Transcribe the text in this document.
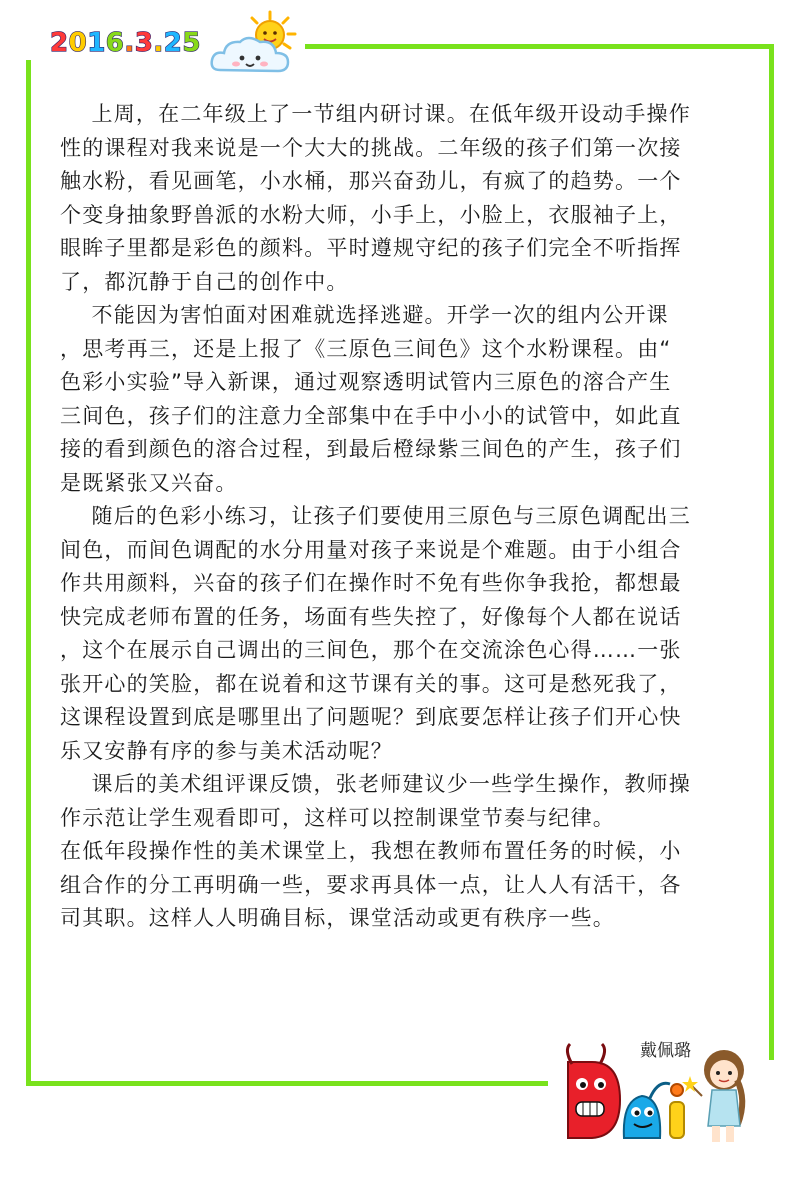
2016.3.25

上周，在二年级上了一节组内研讨课。在低年级开设动手操作

性的课程对我来说是一个大大的挑战。二年级的孩子们第一次接

触水粉，看见画笔，小水桶，那兴奋劲儿，有疯了的趋势。一个

个变身抽象野兽派的水粉大师，小手上，小脸上，衣服袖子上，

眼眸子里都是彩色的颜料。平时遵规守纪的孩子们完全不听指挥

了，都沉静于自己的创作中。

不能因为害怕面对困难就选择逃避。开学一次的组内公开课

，思考再三，还是上报了《三原色三间色》这个水粉课程。由“

色彩小实验”导入新课，通过观察透明试管内三原色的溶合产生

三间色，孩子们的注意力全部集中在手中小小的试管中，如此直

接的看到颜色的溶合过程，到最后橙绿紫三间色的产生，孩子们

是既紧张又兴奋。

随后的色彩小练习，让孩子们要使用三原色与三原色调配出三

间色，而间色调配的水分用量对孩子来说是个难题。由于小组合

作共用颜料，兴奋的孩子们在操作时不免有些你争我抢，都想最

快完成老师布置的任务，场面有些失控了，好像每个人都在说话

，这个在展示自己调出的三间色，那个在交流涂色心得……一张

张开心的笑脸，都在说着和这节课有关的事。这可是愁死我了，

这课程设置到底是哪里出了问题呢？到底要怎样让孩子们开心快

乐又安静有序的参与美术活动呢？

课后的美术组评课反馈，张老师建议少一些学生操作，教师操

作示范让学生观看即可，这样可以控制课堂节奏与纪律。

在低年段操作性的美术课堂上，我想在教师布置任务的时候，小

组合作的分工再明确一些，要求再具体一点，让人人有活干，各

司其职。这样人人明确目标，课堂活动或更有秩序一些。

戴佩璐
